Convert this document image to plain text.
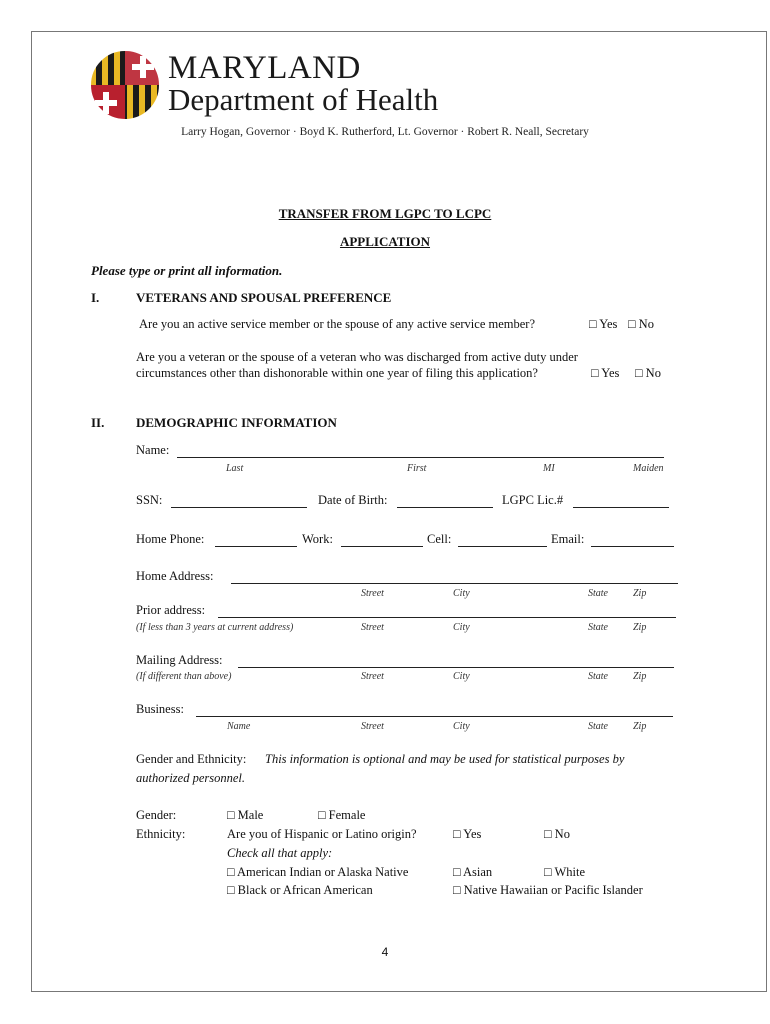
MARYLAND
Department of Health
Larry Hogan, Governor · Boyd K. Rutherford, Lt. Governor · Robert R. Neall, Secretary
TRANSFER FROM LGPC TO LCPC
APPLICATION
Please type or print all information.
I.	VETERANS AND SPOUSAL PREFERENCE
Are you an active service member or the spouse of any active service member?	□ Yes □ No
Are you a veteran or the spouse of a veteran who was discharged from active duty under circumstances other than dishonorable within one year of filing this application?	□ Yes □ No
II. DEMOGRAPHIC INFORMATION
Name:
Last	First	MI	Maiden
SSN:	Date of Birth:	LGPC Lic.#
Home Phone:	Work:	Cell:	Email:
Home Address:
Street	City	State	Zip
Prior address:
(If less than 3 years at current address)	Street	City	State	Zip
Mailing Address:
(If different than above)	Street	City	State	Zip
Business:
Name	Street	City	State	Zip
Gender and Ethnicity: This information is optional and may be used for statistical purposes by
authorized personnel.
Gender:	□ Male	□ Female
Ethnicity:	Are you of Hispanic or Latino origin?	□ Yes	□ No
Check all that apply:
□ American Indian or Alaska Native	□ Asian	□ White
□ Black or African American	□ Native Hawaiian or Pacific Islander
4
